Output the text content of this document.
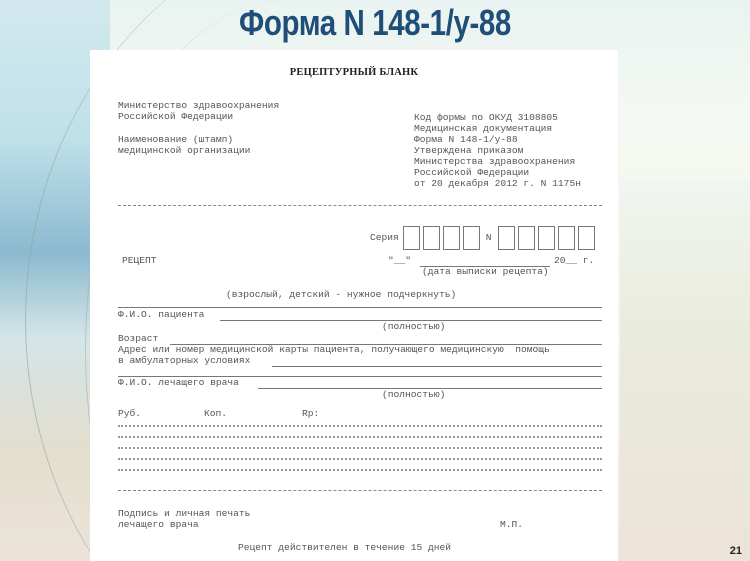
Форма N 148-1/у-88
РЕЦЕПТУРНЫЙ БЛАНК
Министерство здравоохранения
Российской Федерации
Наименование (штамп)
медицинской организации
Код формы по ОКУД 3108805
Медицинская документация
Форма N 148-1/у-88
Утверждена приказом
Министерства здравоохранения
Российской Федерации
от 20 декабря 2012 г. N 1175н
Серия	N
РЕЦЕПТ	"__"	20__ г.
(дата выписки рецепта)
(взрослый, детский - нужное подчеркнуть)
Ф.И.О. пациента
(полностью)
Возраст
Адрес или номер медицинской карты пациента, получающего медицинскую  помощь
в амбулаторных условиях
Ф.И.О. лечащего врача
(полностью)
Руб.	Коп.	Rp:
Подпись и личная печать
лечащего врача	М.П.
Рецепт действителен в течение 15 дней	21
